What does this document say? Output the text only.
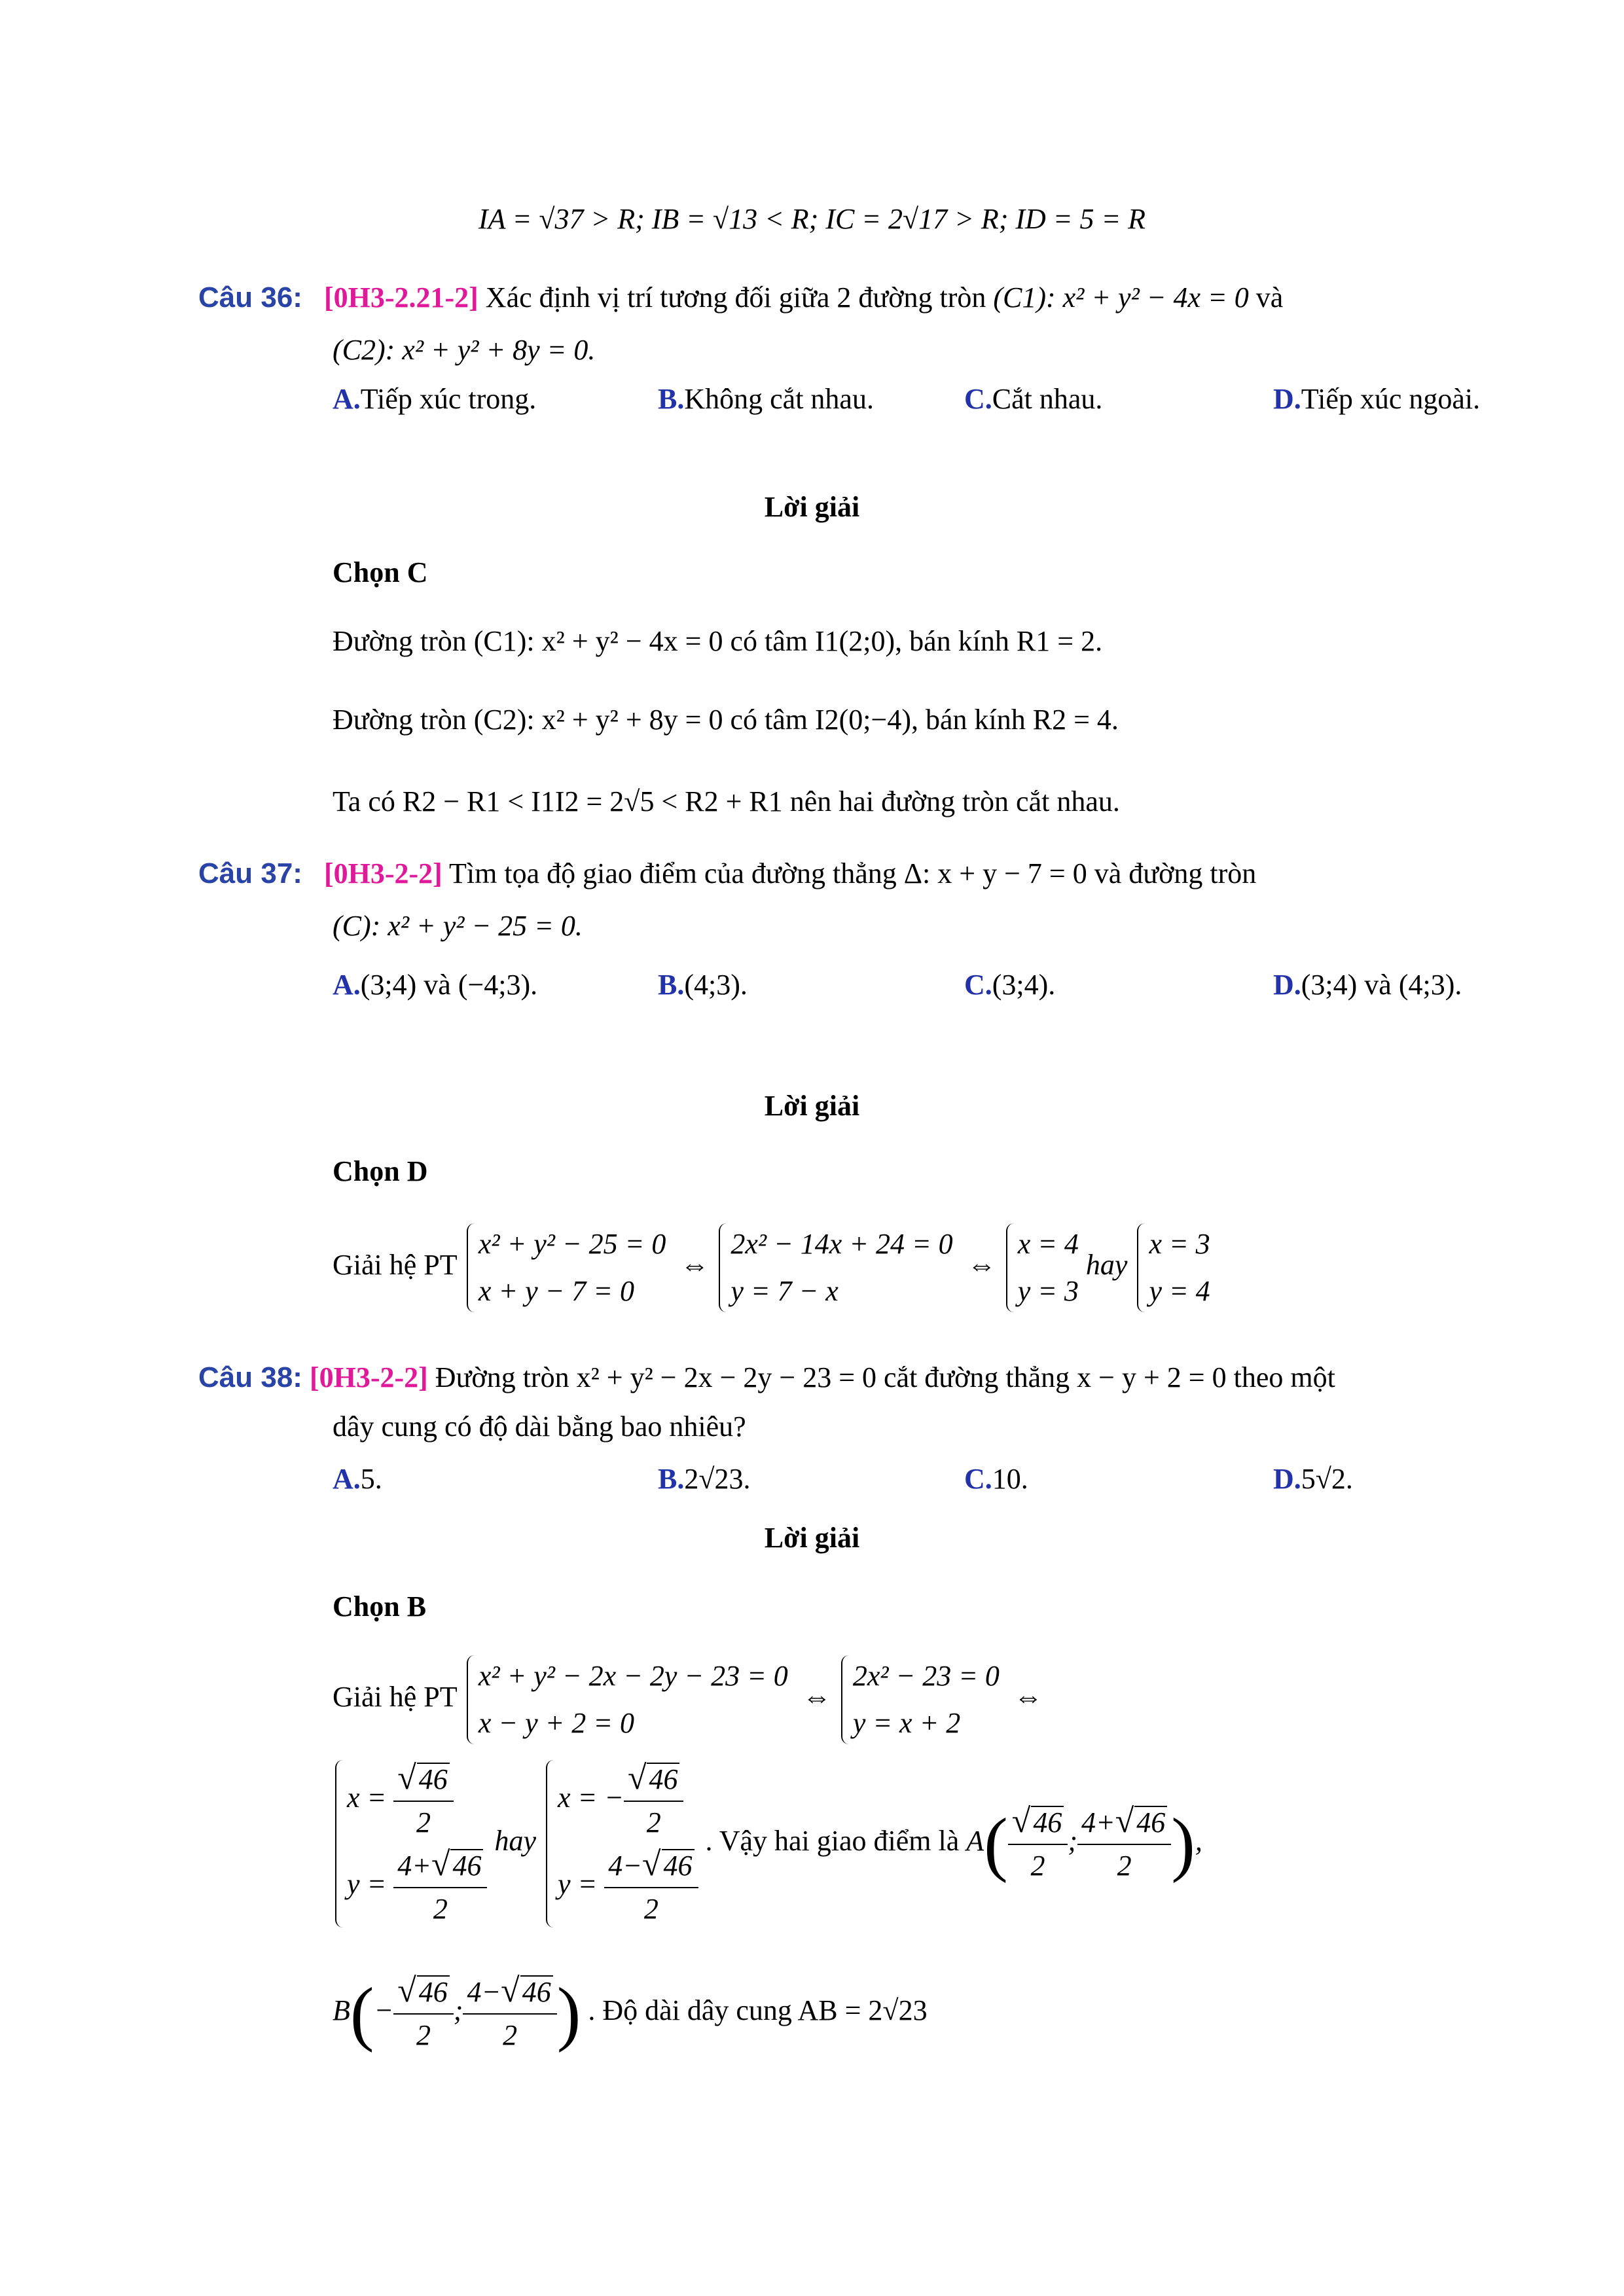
IA = √37 > R; IB = √13 < R; IC = 2√17 > R; ID = 5 = R
Câu 36: [0H3-2.21-2] Xác định vị trí tương đối giữa 2 đường tròn (C1): x² + y² − 4x = 0 và
(C2): x² + y² + 8y = 0.
A.Tiếp xúc trong.	B.Không cắt nhau.	C.Cắt nhau.	D.Tiếp xúc ngoài.
Lời giải
Chọn C
Đường tròn (C1): x² + y² − 4x = 0 có tâm I1(2;0), bán kính R1 = 2.
Đường tròn (C2): x² + y² + 8y = 0 có tâm I2(0;−4), bán kính R2 = 4.
Ta có R2 − R1 < I1I2 = 2√5 < R2 + R1 nên hai đường tròn cắt nhau.
Câu 37: [0H3-2-2] Tìm tọa độ giao điểm của đường thẳng Δ: x + y − 7 = 0 và đường tròn
(C): x² + y² − 25 = 0.
A.(3;4) và (−4;3).	B.(4;3).	C.(3;4).	D.(3;4) và (4;3).
Lời giải
Chọn D
Giải hệ PT
x² + y² − 25 = 0
x + y − 7 = 0
⇔
2x² − 14x + 24 = 0
y = 7 − x
⇔
x = 4
y = 3
hay
x = 3
y = 4
Câu 38: [0H3-2-2] Đường tròn x² + y² − 2x − 2y − 23 = 0 cắt đường thẳng x − y + 2 = 0 theo một
dây cung có độ dài bằng bao nhiêu?
A.5.	B.2√23.	C.10.	D.5√2.
Lời giải
Chọn B
Giải hệ PT
x² + y² − 2x − 2y − 23 = 0
x − y + 2 = 0
⇔
2x² − 23 = 0
y = x + 2
⇔
$x = \frac{√46}{2}$
$y = \frac{4+√46}{2}$
hay
x = − $\frac{√46}{2}$
$y = \frac{4-√46}{2}$
. Vậy hai giao điểm là $A( \frac{√46}{2}$ ; $\frac{4+√46}{2}$ ),
$B(- \frac{√46}{2}$ ; $\frac{4-√46}{2}$ ) . Độ dài dây cung AB = 2√23
